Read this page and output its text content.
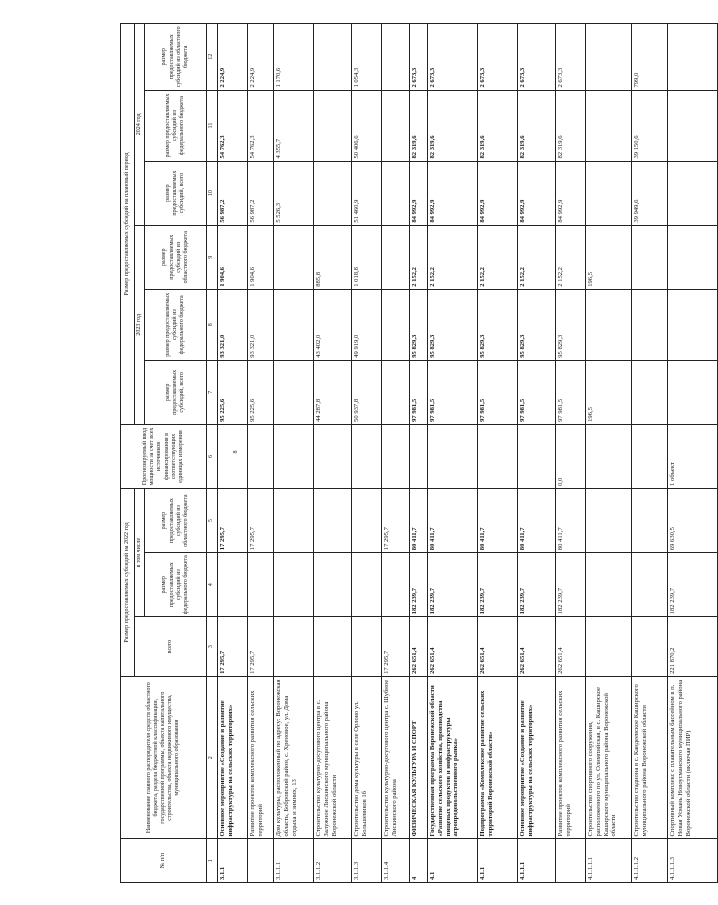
8
№ п/п	Наименование главного распорядителя средств областного бюджета, раздела бюджетной классификации, государственной программы, объекта капитального строительства, объекта недвижимого имущества, муниципального образования	Размер предоставляемых субсидий на 2022 год			Прогнозируемый ввод мощности за счет всех источников финансирования в соответствующих единицах измерения	Размер предоставляемых субсидий на плановый период					
		всего	в том числе			2023 год			2024 год		
			размер предоставляемых субсидий из федерального бюджета	размер предоставляемых субсидий из областного бюджета		размер предоставляемых субсидий, всего	размер предоставляемых субсидий из федерального бюджета	размер предоставляемых субсидий из областного бюджета	размер предоставляемых субсидий, всего	размер предоставляемых субсидий из федерального бюджета	размер предоставляемых субсидий из областного бюджета

1	2	3	4	5	6	7	8	9	10	11	12
3.1.1	Основное мероприятие «Создание и развитие инфраструктуры на сельских территориях»	17 295,7		17 295,7		95 225,6	93 321,0	1 904,6	56 987,2	54 762,3	2 224,9
	Развитие проектов комплексного развития сельских территорий	17 295,7		17 295,7		95 225,6	93 321,0	1 904,6	56 987,2	54 762,3	2 224,9
3.1.1.1	Дом культуры, расположенный по адресу: Воронежская область, Бобровский район, с. Хреновое, ул. Дома отдыха и зимних, 13								5 526,3	4 355,7	1 170,6
3.1.1.2	Строительство культурно-досугового центра в с. Залужное Лискинского муниципального района Воронежской области					44 287,8	43 402,0	885,8			
3.1.1.3	Строительство дома культуры в селе Орлово ул. Большевиков 1б					50 937,8	49 919,0	1 018,8	51 460,9	50 406,6	1 054,3
3.1.1.4	Строительство культурно-досугового центра с. Шубное Лискинского района	17 295,7		17 295,7							
4	ФИЗИЧЕСКАЯ КУЛЬТУРА И СПОРТ	262 651,4	182 239,7	80 411,7		97 981,5	95 829,3	2 152,2	84 992,9	82 319,6	2 673,3
4.1	Государственная программа Воронежской области «Развитие сельского хозяйства, производства пищевых продуктов и инфраструктуры агропродовольственного рынка»	262 651,4	182 239,7	80 411,7		97 981,5	95 829,3	2 152,2	84 992,9	82 319,6	2 673,3
4.1.1	Подпрограмма «Комплексное развитие сельских территорий Воронежской области»	262 651,4	182 239,7	80 411,7		97 981,5	95 829,3	2 152,2	84 992,9	82 319,6	2 673,3
4.1.1.1	Основное мероприятие «Создание и развитие инфраструктуры на сельских территориях»	262 651,4	182 239,7	80 411,7		97 981,5	95 829,3	2 152,2	84 992,9	82 319,6	2 673,3
	Развитие проектов комплексного развития сельских территорий	262 651,4	182 239,7	80 411,7	0,0	97 981,5	95 829,3	2 152,2	84 992,9	82 319,6	2 673,3
4.1.1.1.1	Строительство спортивного сооружения, расположенного по ул. Олимпийская, в с. Каширское Каширского муниципального района Воронежской области					196,5		196,5			
4.1.1.1.2	Строительство стадиона в с. Кандеевское Каширского муниципального района Воронежской области								39 949,6	39 150,6	799,0
4.1.1.1.3	Спортивный комплекс с плавательным бассейном в п. Новая Усмань Новоусманского муниципального района Воронежской области (включая ПИР)	221 870,2	182 239,7	69 630,5	1 объект						
